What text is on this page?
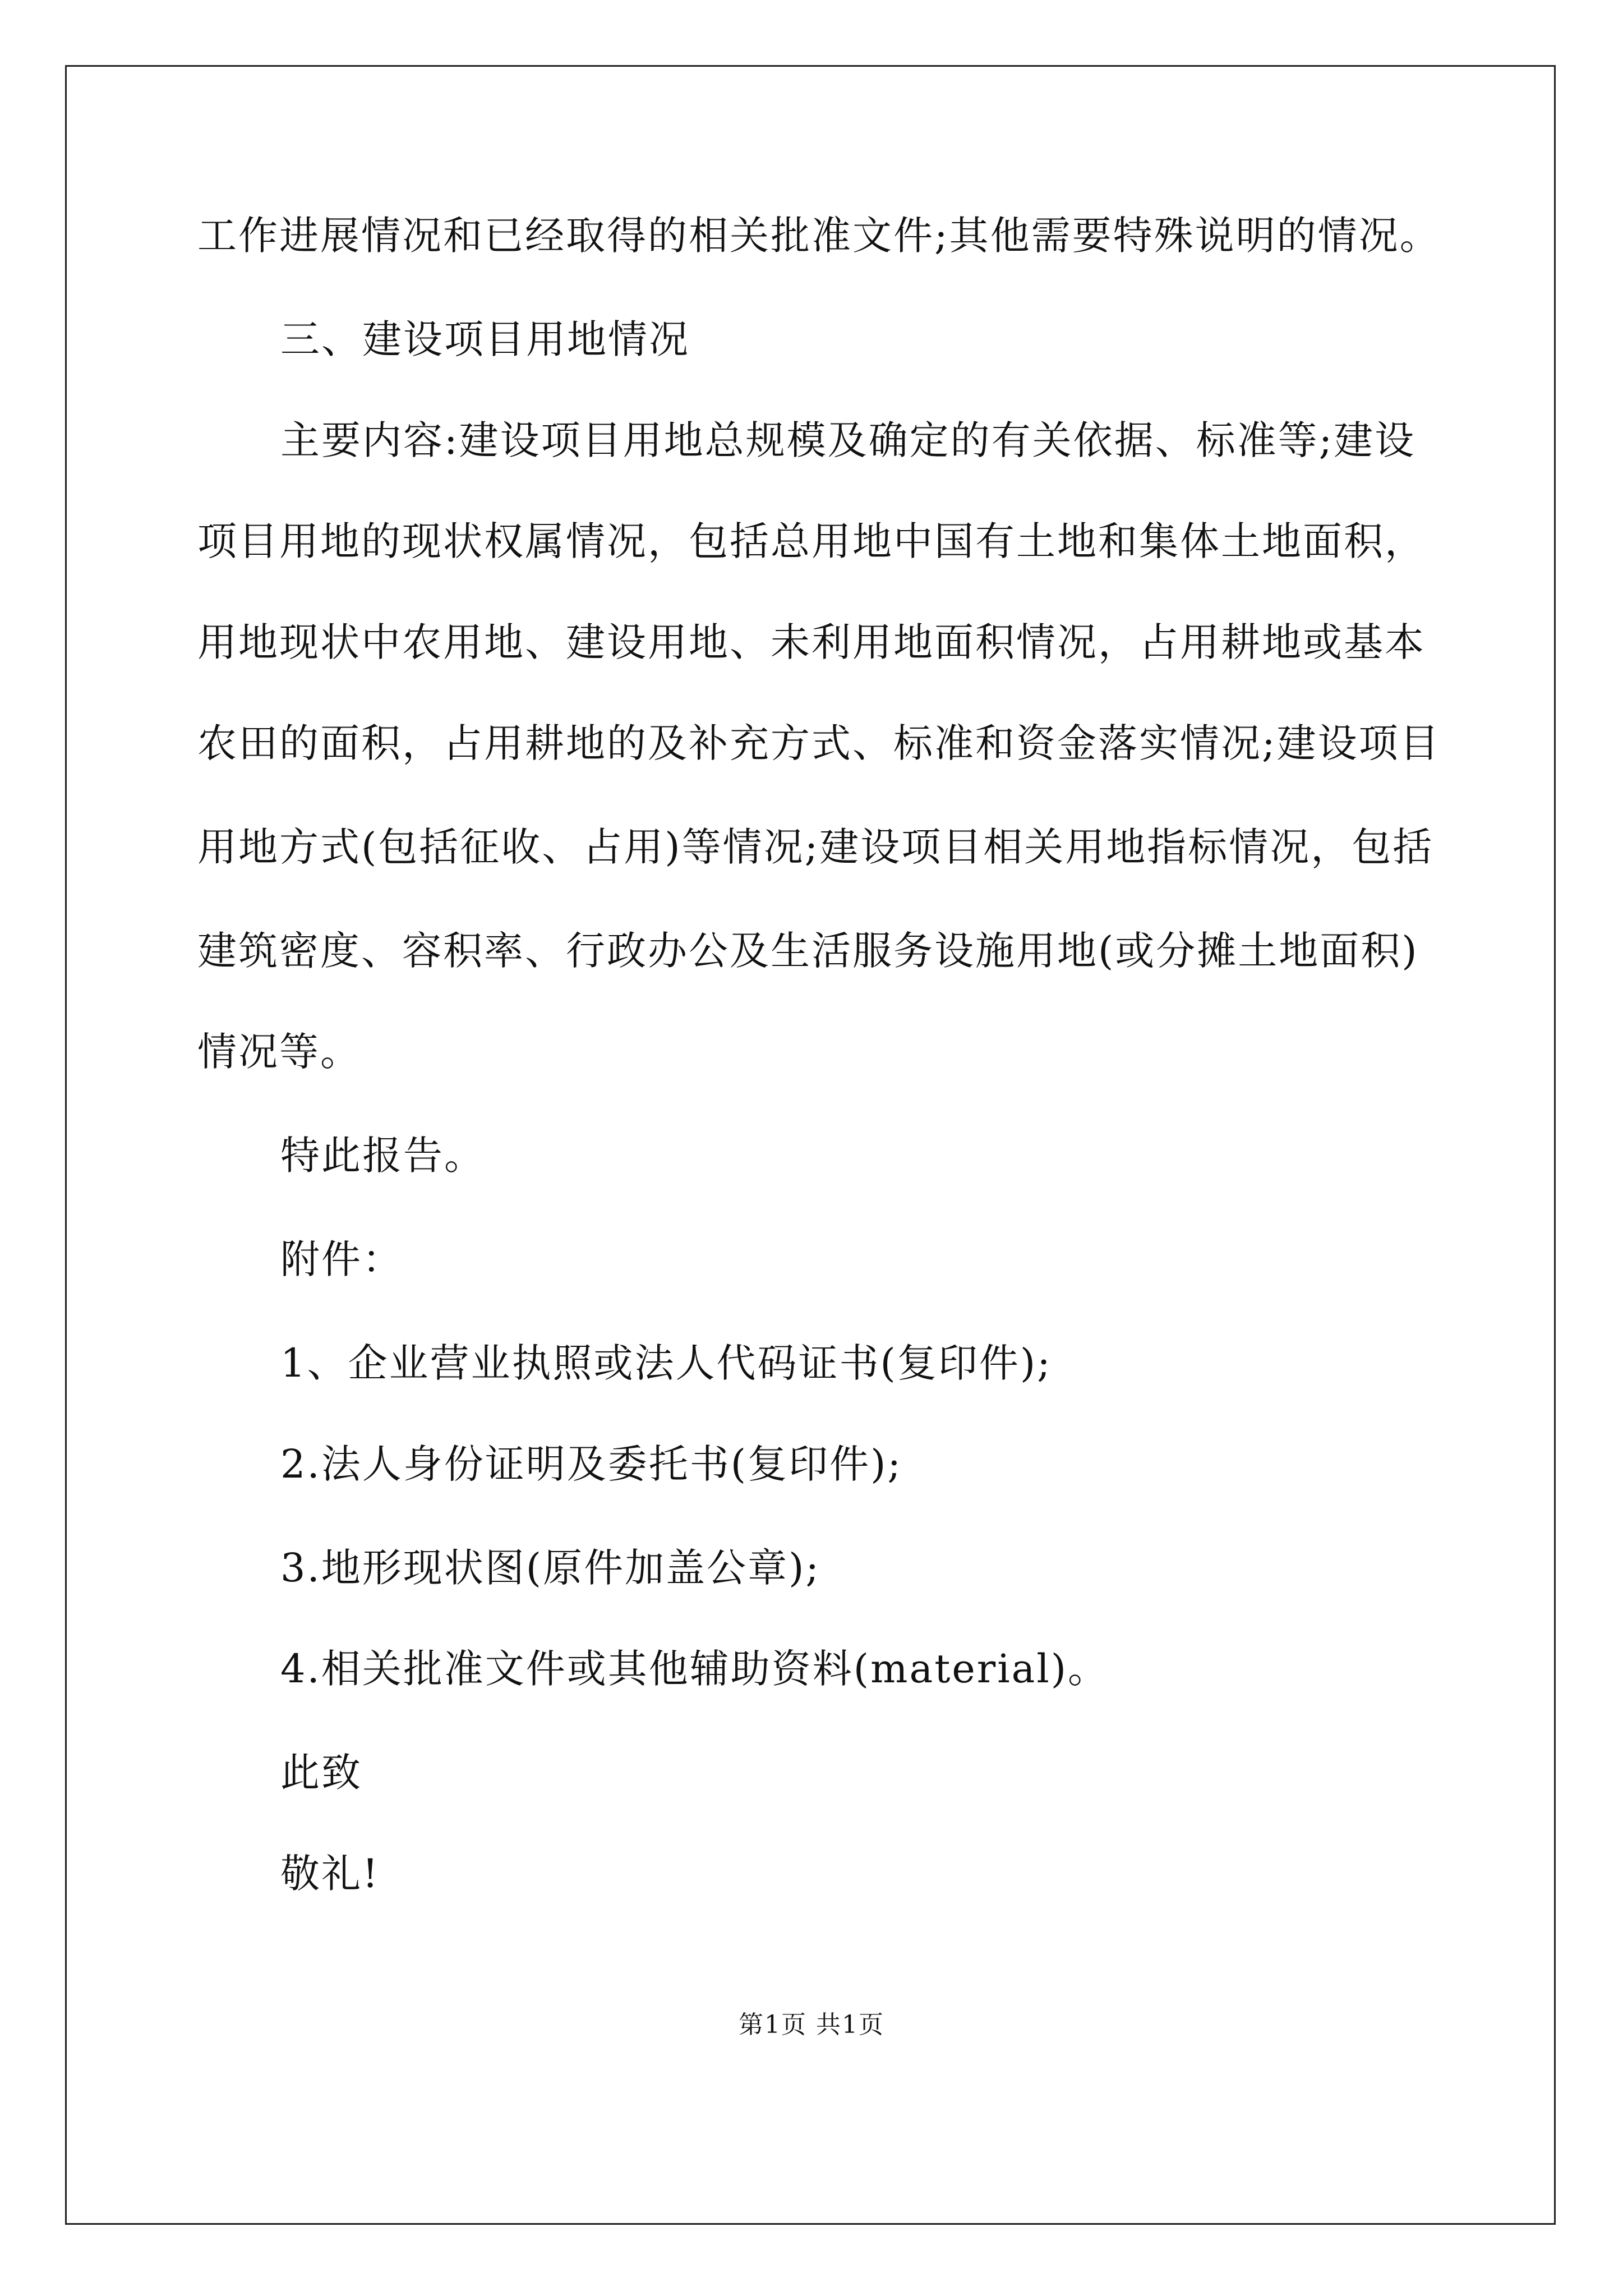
工作进展情况和已经取得的相关批准文件;其他需要特殊说明的情况。
三、建设项目用地情况
主要内容:建设项目用地总规模及确定的有关依据、标准等;建设
项目用地的现状权属情况，包括总用地中国有土地和集体土地面积，
用地现状中农用地、建设用地、未利用地面积情况，占用耕地或基本
农田的面积，占用耕地的及补充方式、标准和资金落实情况;建设项目
用地方式(包括征收、占用)等情况;建设项目相关用地指标情况，包括
建筑密度、容积率、行政办公及生活服务设施用地(或分摊土地面积)
情况等。
特此报告。
附件：
1、企业营业执照或法人代码证书(复印件);
2.法人身份证明及委托书(复印件);
3.地形现状图(原件加盖公章);
4.相关批准文件或其他辅助资料(material)。
此致
敬礼!
第1页 共1页
